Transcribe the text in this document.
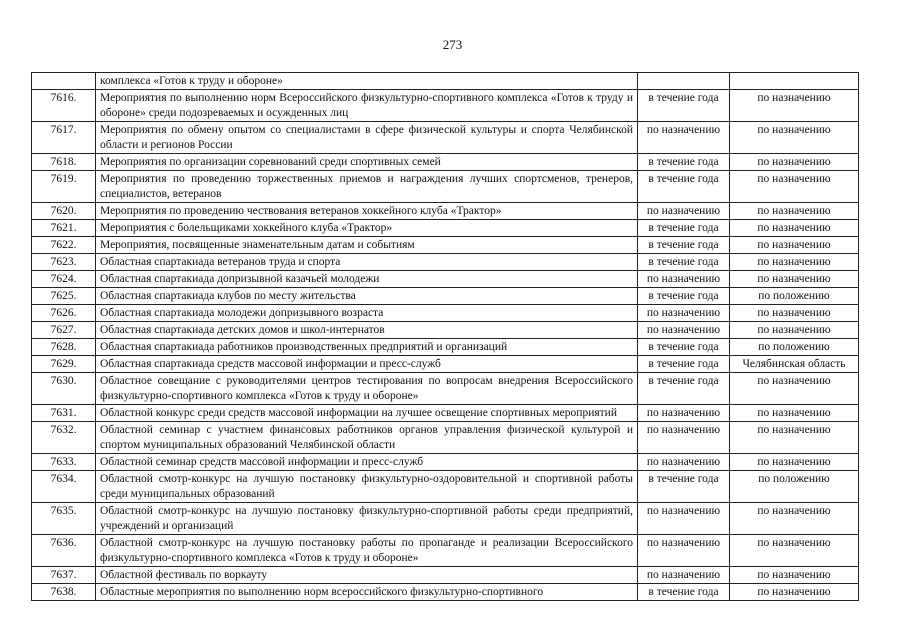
273
	комплекса «Готов к труду и обороне»		
7616.	Мероприятия по выполнению норм Всероссийского физкультурно-спортивного комплекса «Готов к труду и обороне» среди подозреваемых и осужденных лиц	в течение года	по назначению
7617.	Мероприятия по обмену опытом со специалистами в сфере физической культуры и спорта Челябинской области и регионов России	по назначению	по назначению
7618.	Мероприятия по организации соревнований среди спортивных семей	в течение года	по назначению
7619.	Мероприятия по проведению торжественных приемов и награждения лучших спортсменов, тренеров, специалистов, ветеранов	в течение года	по назначению
7620.	Мероприятия по проведению чествования ветеранов хоккейного клуба «Трактор»	по назначению	по назначению
7621.	Мероприятия с болельщиками хоккейного клуба «Трактор»	в течение года	по назначению
7622.	Мероприятия, посвященные знаменательным датам и событиям	в течение года	по назначению
7623.	Областная спартакиада ветеранов труда и спорта	в течение года	по назначению
7624.	Областная спартакиада допризывной казачьей молодежи	по назначению	по назначению
7625.	Областная спартакиада клубов по месту жительства	в течение года	по положению
7626.	Областная спартакиада молодежи допризывного возраста	по назначению	по назначению
7627.	Областная спартакиада детских домов и школ-интернатов	по назначению	по назначению
7628.	Областная спартакиада работников производственных предприятий и организаций	в течение года	по положению
7629.	Областная спартакиада средств массовой информации и пресс-служб	в течение года	Челябинская область
7630.	Областное совещание с руководителями центров тестирования по вопросам внедрения Всероссийского физкультурно-спортивного комплекса «Готов к труду и обороне»	в течение года	по назначению
7631.	Областной конкурс среди средств массовой информации на лучшее освещение спортивных мероприятий	по назначению	по назначению
7632.	Областной семинар с участием финансовых работников органов управления физической культурой и спортом муниципальных образований Челябинской области	по назначению	по назначению
7633.	Областной семинар средств массовой информации и пресс-служб	по назначению	по назначению
7634.	Областной смотр-конкурс на лучшую постановку физкультурно-оздоровительной и спортивной работы среди муниципальных образований	в течение года	по положению
7635.	Областной смотр-конкурс на лучшую постановку физкультурно-спортивной работы среди предприятий, учреждений и организаций	по назначению	по назначению
7636.	Областной смотр-конкурс на лучшую постановку работы по пропаганде и реализации Всероссийского физкультурно-спортивного комплекса «Готов к труду и обороне»	по назначению	по назначению
7637.	Областной фестиваль по воркауту	по назначению	по назначению
7638.	Областные мероприятия по выполнению норм всероссийского физкультурно-спортивного	в течение года	по назначению
